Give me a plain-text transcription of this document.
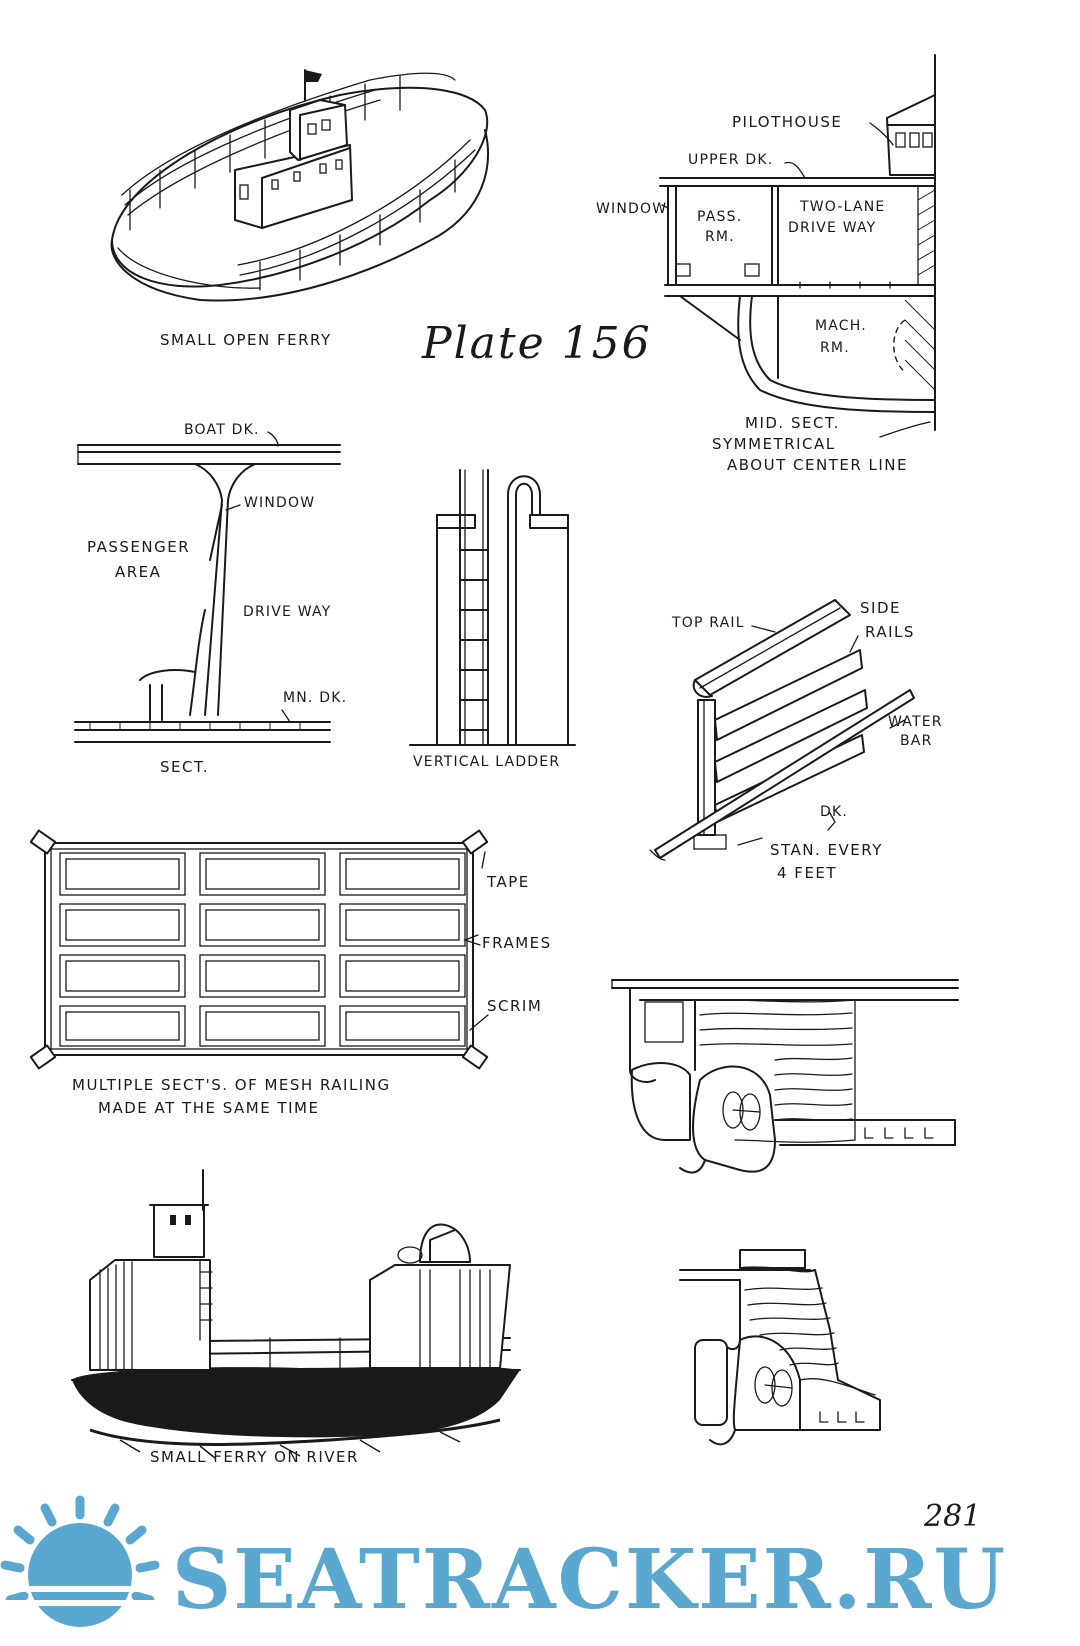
SMALL OPEN FERRY Plate 156
PILOTHOUSE
UPPER DK.
WINDOW PASS.
RM.
TWO-LANE
DRIVE WAY
MACH.
RM.
MID. SECT.
SYMMETRICAL
ABOUT CENTER LINE
BOAT DK.
WINDOW
PASSENGER
AREA
DRIVE WAY
MN. DK.
SECT.	VERTICAL LADDER
TOP RAIL
SIDE
RAILS
WATER
BAR
DK.
STAN. EVERY
4 FEET
TAPE
FRAMES
SCRIM
MULTIPLE SECT'S. OF MESH RAILING
MADE AT THE SAME TIME
SMALL FERRY ON RIVER
281
SEATRACKER.RU
